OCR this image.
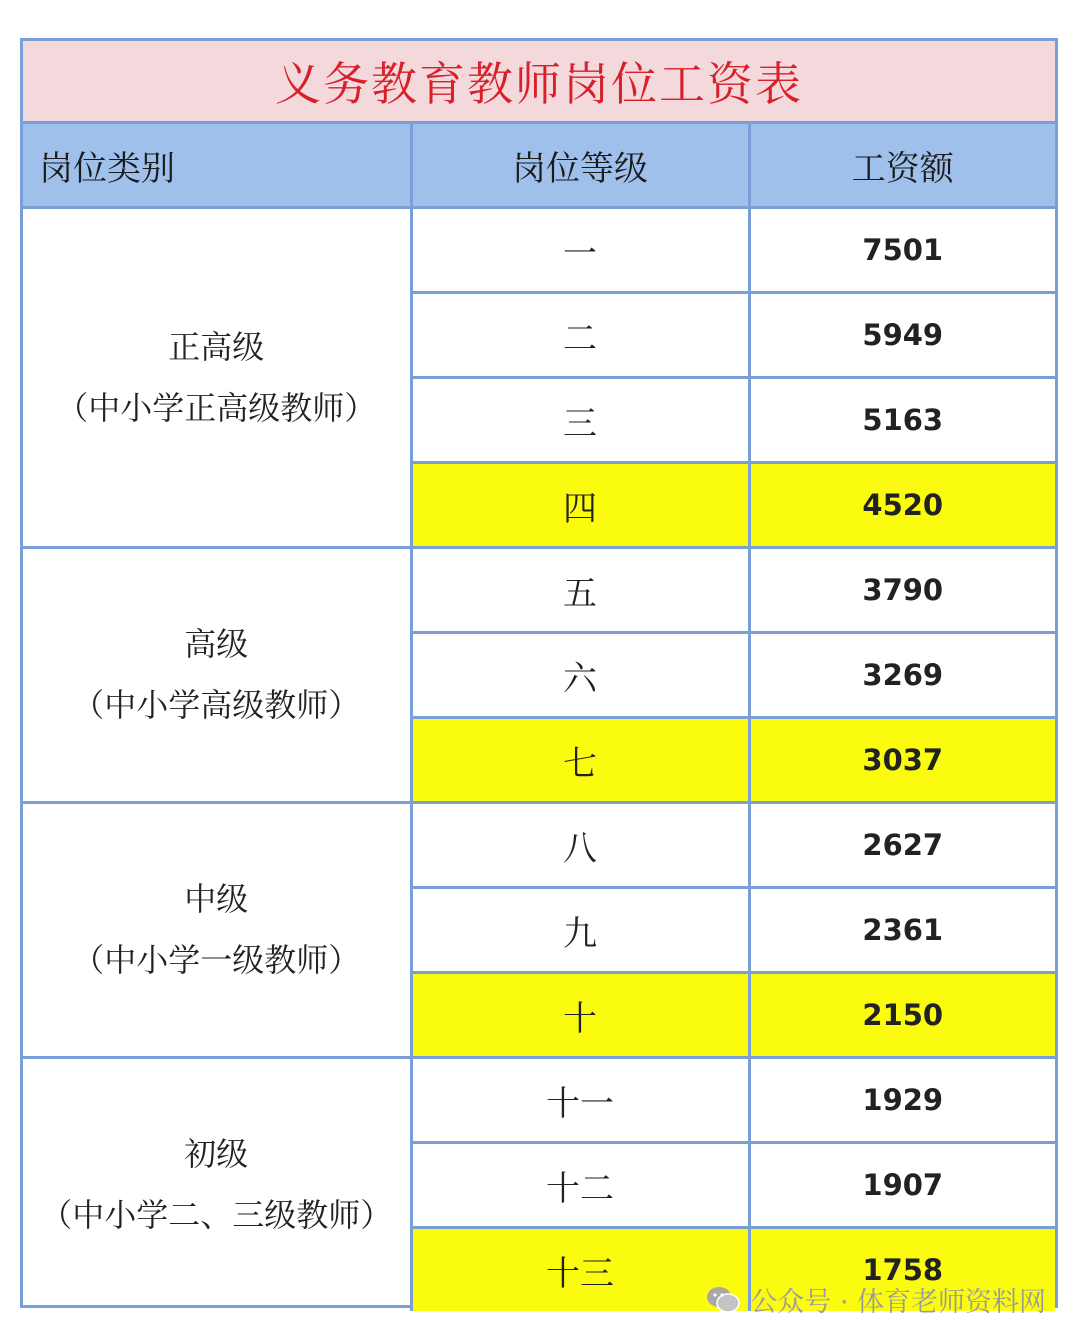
义务教育教师岗位工资表
岗位类别	岗位等级	工资额

正高级
（中小学正高级教师）	一	7501
	二	5949
	三	5163
	四	4520

高级
（中小学高级教师）	五	3790
	六	3269
	七	3037

中级
（中小学一级教师）	八	2627
	九	2361
	十	2150

初级
（中小学二、三级教师）	十一	1929
	十二	1907
	十三	1758
公众号 · 体育老师资料网
